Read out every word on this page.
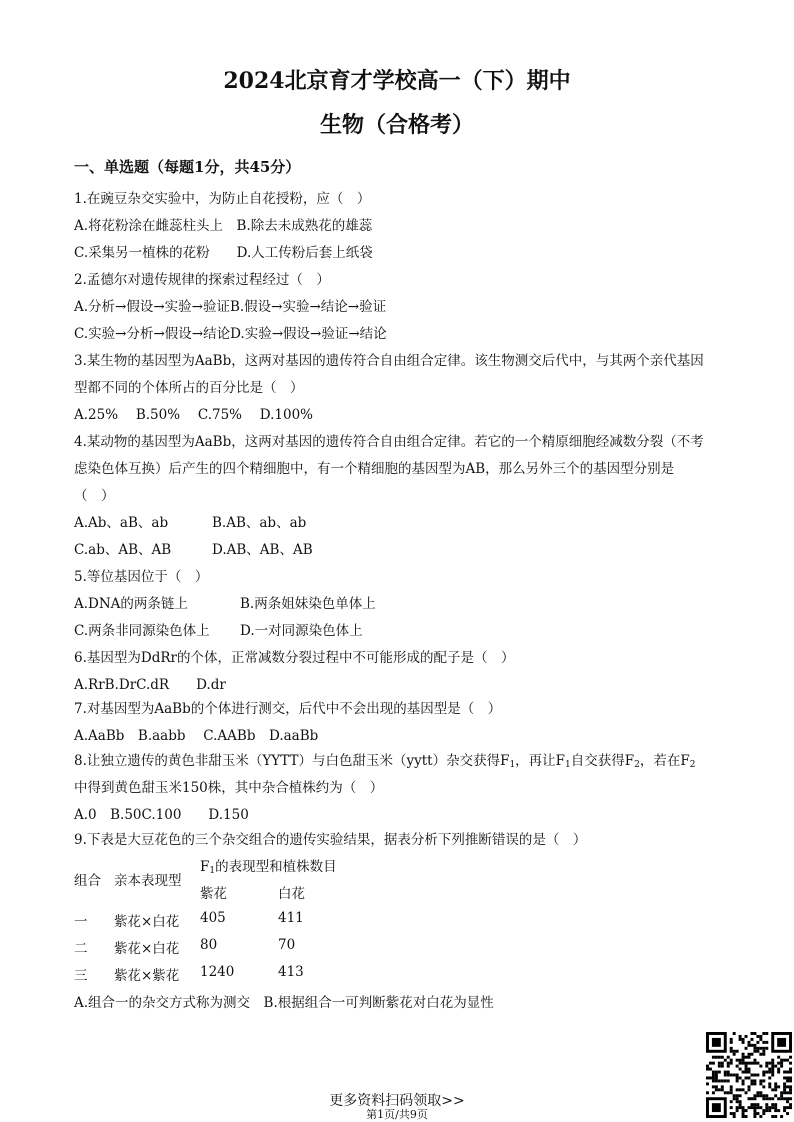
2024北京育才学校高一（下）期中
生物（合格考）
一、单选题（每题1分，共45分）
1.在豌豆杂交实验中，为防止自花授粉，应（　）
A.将花粉涂在雌蕊柱头上　B.除去未成熟花的雄蕊
C.采集另一植株的花粉　　D.人工传粉后套上纸袋
2.孟德尔对遗传规律的探索过程经过（　）
A.分析→假设→实验→验证B.假设→实验→结论→验证
C.实验→分析→假设→结论D.实验→假设→验证→结论
3.某生物的基因型为AaBb，这两对基因的遗传符合自由组合定律。该生物测交后代中，与其两个亲代基因
型都不同的个体所占的百分比是（　）
A.25%　 B.50%　 C.75%　 D.100%
4.某动物的基因型为AaBb，这两对基因的遗传符合自由组合定律。若它的一个精原细胞经减数分裂（不考
虑染色体互换）后产生的四个精细胞中，有一个精细胞的基因型为AB，那么另外三个的基因型分别是
（　）
A.Ab、aB、ab	B.AB、ab、ab
C.ab、AB、AB	D.AB、AB、AB
5.等位基因位于（　）
A.DNA的两条链上	B.两条姐妹染色单体上
C.两条非同源染色体上 D.一对同源染色体上
6.基因型为DdRr的个体，正常减数分裂过程中不可能形成的配子是（　）
A.RrB.DrC.dR　　D.dr
7.对基因型为AaBb的个体进行测交，后代中不会出现的基因型是（　）
A.AaBb　B.aabb　 C.AABb　D.aaBb
8.让独立遗传的黄色非甜玉米（YYTT）与白色甜玉米（yytt）杂交获得$F_1$，再让$F_1$自交获得$F_2$，若在$F_2$
中得到黄色甜玉米150株，其中杂合植株约为（　）
A.0　B.50C.100　　D.150
9.下表是大豆花色的三个杂交组合的遗传实验结果，据表分析下列推断错误的是（　）
组合 亲本表现型
$F_1$的表现型和植株数目
紫花	白花
一 紫花×白花 405	411
二 紫花×白花 80	70
三 紫花×紫花 1240	413
A.组合一的杂交方式称为测交　B.根据组合一可判断紫花对白花为显性
更多资料扫码领取>>
第1页/共9页
